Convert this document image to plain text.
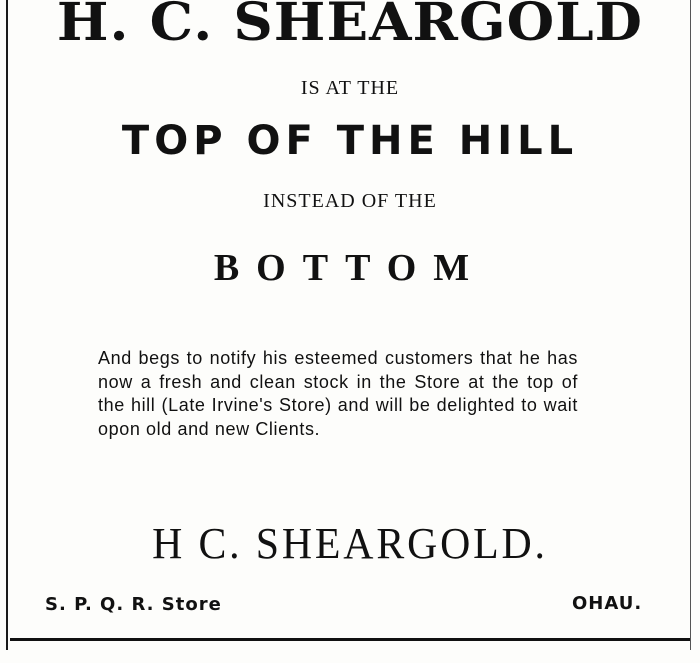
H. C. SHEARGOLD
IS AT THE
TOP OF THE HILL
INSTEAD OF THE
BOTTOM
And begs to notify his esteemed customers that he has now a fresh and clean stock in the Store at the top of the hill (Late Irvine's Store) and will be delighted to wait opon old and new Clients.
H C. SHEARGOLD.
S. P. Q. R. Store	OHAU.
